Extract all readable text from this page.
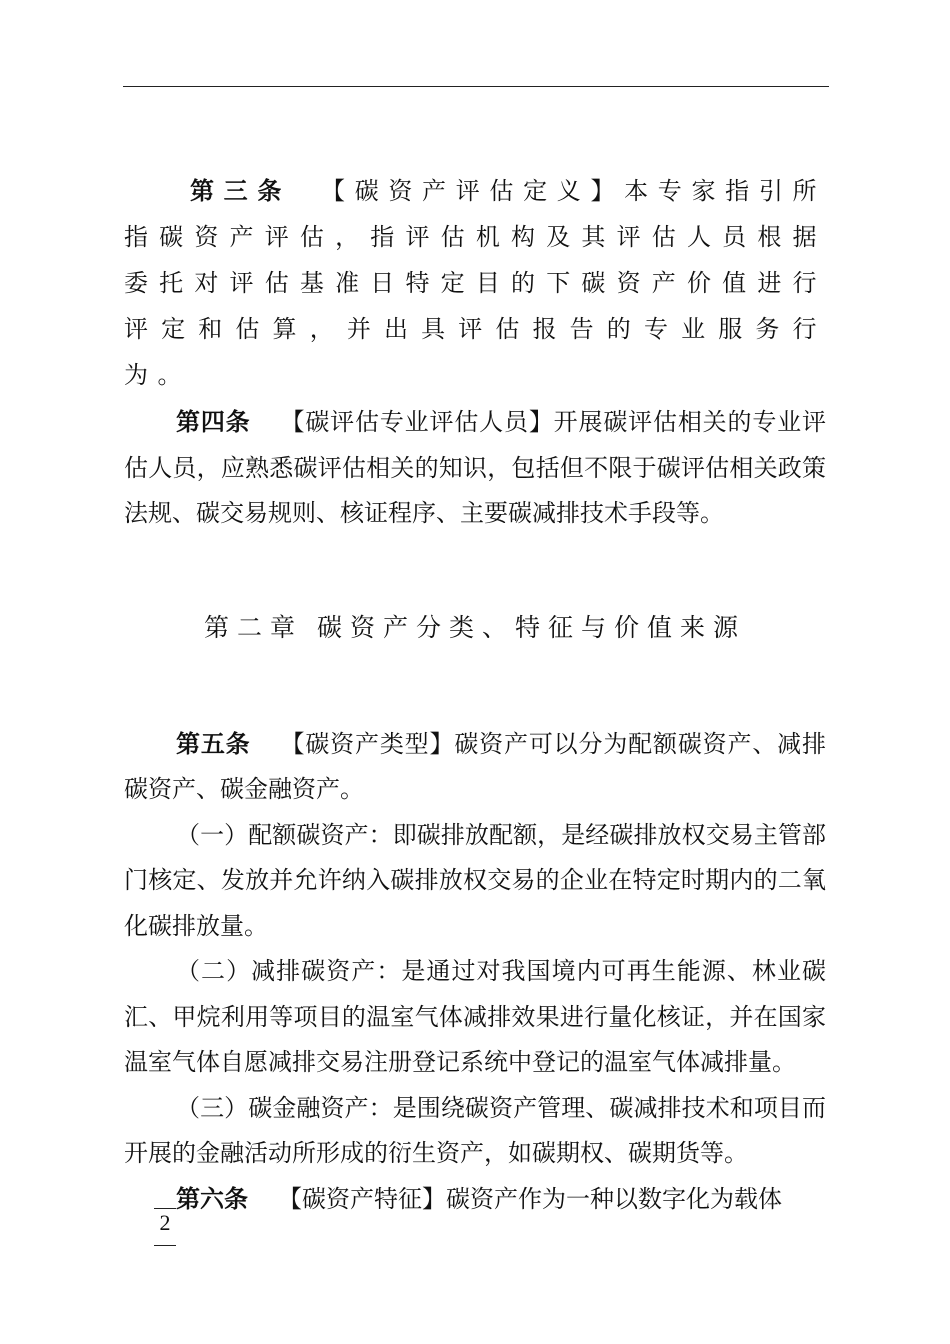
第三条 【碳资产评估定义】本专家指引所指碳资产评估，指评估机构及其评估人员根据委托对评估基准日特定目的下碳资产价值进行评定和估算，并出具评估报告的专业服务行为。

第四条 【碳评估专业评估人员】开展碳评估相关的专业评估人员，应熟悉碳评估相关的知识，包括但不限于碳评估相关政策法规、碳交易规则、核证程序、主要碳减排技术手段等。

第二章 碳资产分类、特征与价值来源

第五条 【碳资产类型】碳资产可以分为配额碳资产、减排碳资产、碳金融资产。

（一）配额碳资产：即碳排放配额，是经碳排放权交易主管部门核定、发放并允许纳入碳排放权交易的企业在特定时期内的二氧化碳排放量。

（二）减排碳资产：是通过对我国境内可再生能源、林业碳汇、甲烷利用等项目的温室气体减排效果进行量化核证，并在国家温室气体自愿减排交易注册登记系统中登记的温室气体减排量。

（三）碳金融资产：是围绕碳资产管理、碳减排技术和项目而开展的金融活动所形成的衍生资产，如碳期权、碳期货等。

第六条 【碳资产特征】碳资产作为一种以数字化为载体

2
